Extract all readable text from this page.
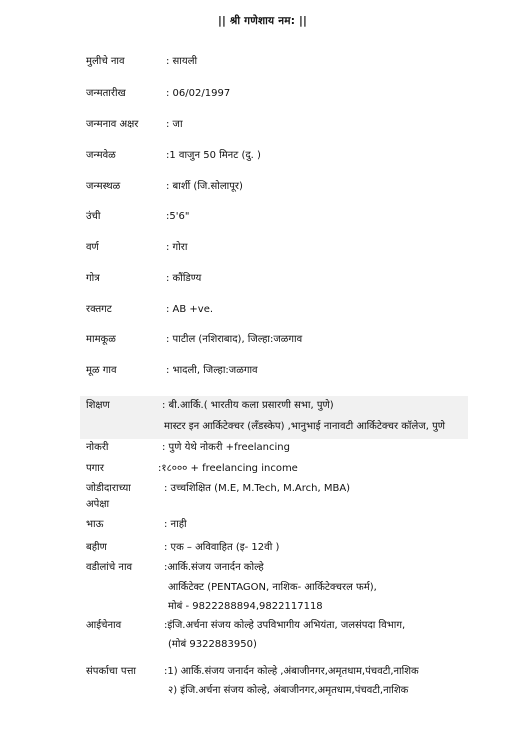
|| श्री गणेशाय नम: ||
मुलीचे नाव	: सायली
जन्मतारीख	: 06/02/1997
जन्मनाव अक्षर	: जा
जन्मवेळ	:1 वाजुन 50 मिनट (दु. )
जन्मस्थळ	: बार्शी (जि.सोलापूर)
उंची	:5'6"
वर्ण	: गोरा
गोत्र	: कौंडिण्य
रक्तगट	: AB +ve.
मामकूळ	: पाटील (नशिराबाद), जिल्हा:जळगाव
मूळ गाव	: भादली, जिल्हा:जळगाव
शिक्षण	: बी.आर्कि.( भारतीय कला प्रसारणी सभा, पुणे)
मास्टर इन आर्किटेक्चर (लँडस्केप) ,भानुभाई नानावटी आर्किटेक्चर कॉलेज, पुणे
नोकरी	: पुणे येथे नोकरी +freelancing
पगार	:१८००० + freelancing income
जोडीदाराच्या	: उच्चशिक्षित (M.E, M.Tech, M.Arch, MBA)
अपेक्षा
भाऊ	: नाही
बहीण	: एक – अविवाहित (इ- 12वी )
वडीलांचे नाव	:आर्कि.संजय जनार्दन कोल्हे
आर्किटेक्ट (PENTAGON, नाशिक- आर्किटेक्चरल फर्म),
मोबं - 9822288894,9822117118
आईचेनाव	:इंजि.अर्चना संजय कोल्हे उपविभागीय अभियंता, जलसंपदा विभाग,
(मोबं 9322883950)
संपर्काचा पत्ता	:1) आर्कि.संजय जनार्दन कोल्हे ,अंबाजीनगर,अमृतधाम,पंचवटी,नाशिक
२) इंजि.अर्चना संजय कोल्हे, अंबाजीनगर,अमृतधाम,पंचवटी,नाशिक
